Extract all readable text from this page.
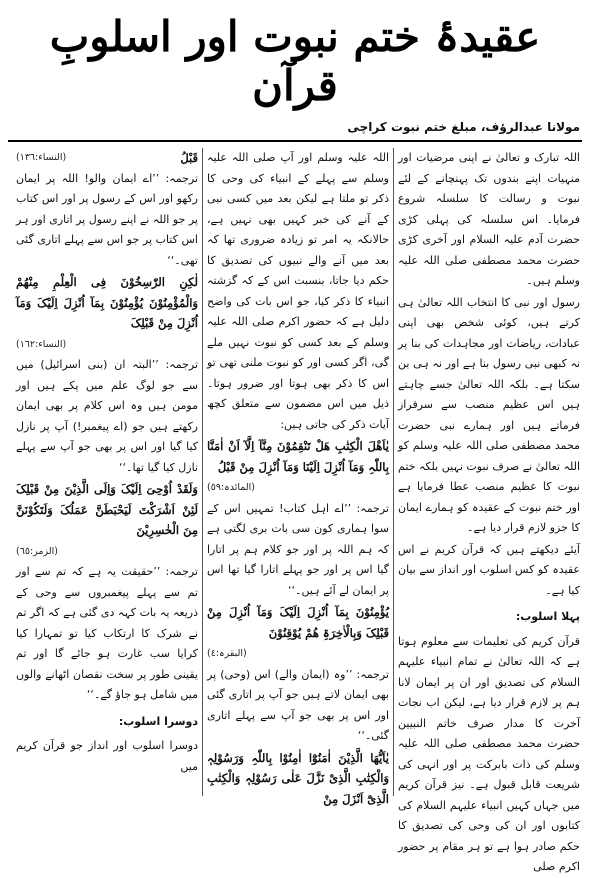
عقیدۂ ختم نبوت اور اسلوبِ قرآن
مولانا عبدالرؤف، مبلغ ختم نبوت کراچی

اللہ تبارک و تعالیٰ نے اپنی مرضیات اور منہیات اپنے بندوں تک پہنچانے کے لئے نبوت و رسالت کا سلسلہ شروع فرمایا۔ اس سلسلہ کی پہلی کڑی حضرت آدم علیہ السلام اور آخری کڑی حضرت محمد مصطفی صلی اللہ علیہ وسلم ہیں۔

رسول اور نبی کا انتخاب اللہ تعالیٰ ہی کرتے ہیں، کوئی شخص بھی اپنی عبادات، ریاضات اور مجاہدات کی بنا پر نہ کبھی نبی رسول بنا ہے اور نہ ہی بن سکتا ہے۔ بلکہ اللہ تعالیٰ جسے چاہتے ہیں اس عظیم منصب سے سرفراز فرماتے ہیں اور ہمارے نبی حضرت محمد مصطفی صلی اللہ علیہ وسلم کو اللہ تعالیٰ نے صرف نبوت نہیں بلکہ ختم نبوت کا عظیم منصب عطا فرمایا ہے اور ختم نبوت کے عقیدہ کو ہمارے ایمان کا جزو لازم قرار دیا ہے۔

آیئے دیکھتے ہیں کہ قرآن کریم نے اس عقیدہ کو کس اسلوب اور انداز سے بیان کیا ہے۔

پہلا اسلوب:

قرآن کریم کی تعلیمات سے معلوم ہوتا ہے کہ اللہ تعالیٰ نے تمام انبیاء علیہم السلام کی تصدیق اور ان پر ایمان لانا ہم پر لازم قرار دیا ہے، لیکن اب نجات آخرت کا مدار صرف خاتم النبیین حضرت محمد مصطفی صلی اللہ علیہ وسلم کی ذات بابرکت پر اور انہی کی شریعت قابل قبول ہے۔ نیز قرآن کریم میں جہاں کہیں انبیاء علیہم السلام کی کتابوں اور ان کی وحی کی تصدیق کا حکم صادر ہوا ہے تو ہر مقام پر حضور اکرم صلی

اللہ علیہ وسلم اور آپ صلی اللہ علیہ وسلم سے پہلے کے انبیاء کی وحی کا ذکر تو ملتا ہے لیکن بعد میں کسی نبی کے آنے کی خبر کہیں بھی نہیں ہے، حالانکہ یہ امر تو زیادہ ضروری تھا کہ بعد میں آنے والے نبیوں کی تصدیق کا حکم دیا جاتا، بنسبت اس کے کہ گزشتہ انبیاء کا ذکر کیا، جو اس بات کی واضح دلیل ہے کہ حضور اکرم صلی اللہ علیہ وسلم کے بعد کسی کو نبوت نہیں ملے گی، اگر کسی اور کو نبوت ملنی تھی تو اس کا ذکر بھی ہوتا اور ضرور ہوتا۔ ذیل میں اس مضمون سے متعلق کچھ آیات ذکر کی جاتی ہیں:

یٰاَھْلَ الْکِتٰبِ ھَلْ تَنْقِمُوْنَ مِنَّآ اِلَّآ اَنْ اٰمَنَّا بِاللّٰہِ وَمَآ اُنْزِلَ اِلَیْنَا وَمَآ اُنْزِلَ مِنْ قَبْلُ

(المائدہ:٥٩)

ترجمہ: ’’اے اہل کتاب! تمہیں اس کے سوا ہماری کون سی بات بری لگتی ہے کہ ہم اللہ پر اور جو کلام ہم پر اتارا گیا اس پر اور جو پہلے اتارا گیا تھا اس پر ایمان لے آئے ہیں۔‘‘

یُؤْمِنُوْنَ بِمَآ اُنْزِلَ اِلَیْکَ وَمَآ اُنْزِلَ مِنْ قَبْلِکَ وَبِالْاٰخِرَۃِ ھُمْ یُوْقِنُوْنَ

(البقرہ:٤)

ترجمہ: ’’وہ (ایمان والے) اس (وحی) پر بھی ایمان لاتے ہیں جو آپ پر اتاری گئی اور اس پر بھی جو آپ سے پہلے اتاری گئی۔‘‘

یٰاَیُّھَا الَّذِیْنَ اٰمَنُوْٓا اٰمِنُوْا بِاللّٰہِ وَرَسُوْلِہٖ وَالْکِتٰبِ الَّذِیْ نَزَّلَ عَلٰی رَسُوْلِہٖ وَالْکِتٰبِ الَّذِیْٓ اَنْزَلَ مِنْ

قَبْلُ
(النساء:١٣٦)

ترجمہ: ’’اے ایمان والو! اللہ پر ایمان رکھو اور اس کے رسول پر اور اس کتاب پر جو اللہ نے اپنے رسول پر اتاری اور ہر اس کتاب پر جو اس سے پہلے اتاری گئی تھی۔‘‘

لٰکِنِ الرّٰسِخُوْنَ فِی الْعِلْمِ مِنْھُمْ وَالْمُؤْمِنُوْنَ یُؤْمِنُوْنَ بِمَآ اُنْزِلَ اِلَیْکَ وَمَآ اُنْزِلَ مِنْ قَبْلِکَ

(النساء:١٦٢)

ترجمہ: ’’البتہ ان (بنی اسرائیل) میں سے جو لوگ علم میں پکے ہیں اور مومن ہیں وہ اس کلام پر بھی ایمان رکھتے ہیں جو (اے پیغمبر!) آپ پر نازل کیا گیا اور اس پر بھی جو آپ سے پہلے نازل کیا گیا تھا۔‘‘

وَلَقَدْ اُوْحِیَ اِلَیْکَ وَاِلَی الَّذِیْنَ مِنْ قَبْلِکَ لَئِنْ اَشْرَکْتَ لَیَحْبَطَنَّ عَمَلُکَ وَلَتَکُوْنَنَّ مِنَ الْخٰسِرِیْنَ

(الزمر:٦٥)

ترجمہ: ’’حقیقت یہ ہے کہ تم سے اور تم سے پہلے پیغمبروں سے وحی کے ذریعہ یہ بات کہہ دی گئی ہے کہ اگر تم نے شرک کا ارتکاب کیا تو تمہارا کیا کرایا سب غارت ہو جائے گا اور تم یقینی طور پر سخت نقصان اٹھانے والوں میں شامل ہو جاؤ گے۔‘‘

دوسرا اسلوب:

دوسرا اسلوب اور انداز جو قرآن کریم میں
